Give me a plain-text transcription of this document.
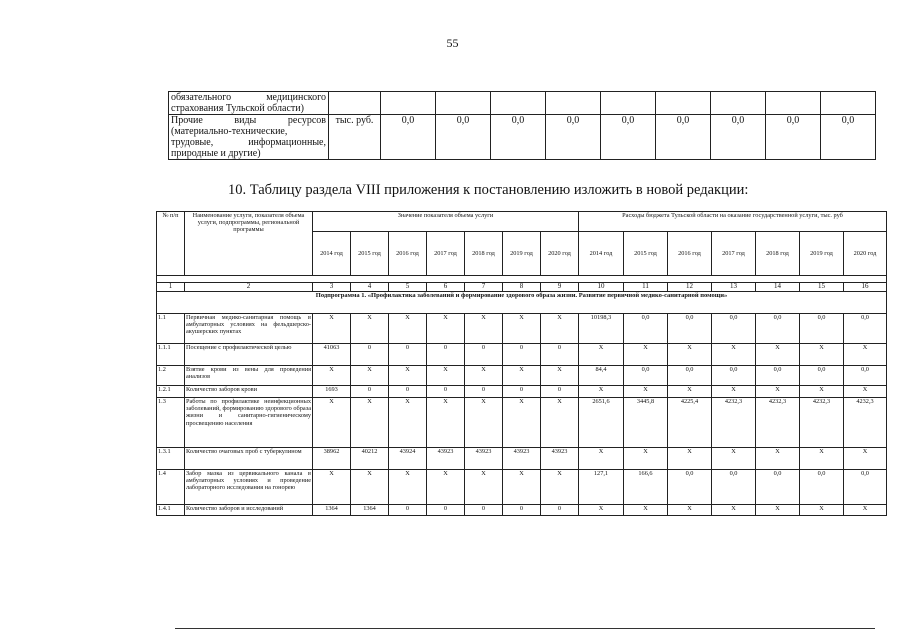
55
обязательного медицинского
страхования Тульской области)										

Прочие виды ресурсов
(материально-технические,
трудовые, информационные,
природные и другие)	тыс. руб.	0,0	0,0	0,0	0,0	0,0	0,0	0,0	0,0	0,0
10. Таблицу раздела VIII приложения к постановлению изложить в новой редакции:
№ п/п	Наименование услуги, показателя объема услуги, подпрограммы, региональной программы	Значение показателя объема услуги							Расходы бюджета Тульской области на оказание государственной услуги, тыс. руб						
		2014 год	2015 год	2016 год	2017 год	2018 год	2019 год	2020 год	2014 год	2015 год	2016 год	2017 год	2018 год	2019 год	2020 год

1	2	3	4	5	6	7	8	9	10	11	12	13	14	15	16
Подпрограмма 1. «Профилактика заболеваний и формирование здорового образа жизни. Развитие первичной медико-санитарной помощи»															
1.1	Первичная медико-санитарная помощь в амбулаторных условиях на фельдшерско-акушерских пунктах	X	X	X	X	X	X	X	10198,3	0,0	0,0	0,0	0,0	0,0	0,0
1.1.1	Посещение с профилактической целью	41063	0	0	0	0	0	0	X	X	X	X	X	X	X
1.2	Взятие крови из вены для проведения анализов	X	X	X	X	X	X	X	84,4	0,0	0,0	0,0	0,0	0,0	0,0
1.2.1	Количество заборов крови	1693	0	0	0	0	0	0	X	X	X	X	X	X	X
1.3	Работы по профилактике неинфекционных заболеваний, формированию здорового образа жизни и санитарно-гигиеническому просвещению населения	X	X	X	X	X	X	X	2651,6	3445,8	4225,4	4232,3	4232,3	4232,3	4232,3
1.3.1	Количество очаговых проб с туберкулином	38962	40212	43924	43923	43923	43923	43923	X	X	X	X	X	X	X
1.4	Забор мазка из цервикального канала в амбулаторных условиях и проведение лабораторного исследования на гонорею	X	X	X	X	X	X	X	127,1	166,6	0,0	0,0	0,0	0,0	0,0
1.4.1	Количество заборов и исследований	1364	1364	0	0	0	0	0	X	X	X	X	X	X	X
